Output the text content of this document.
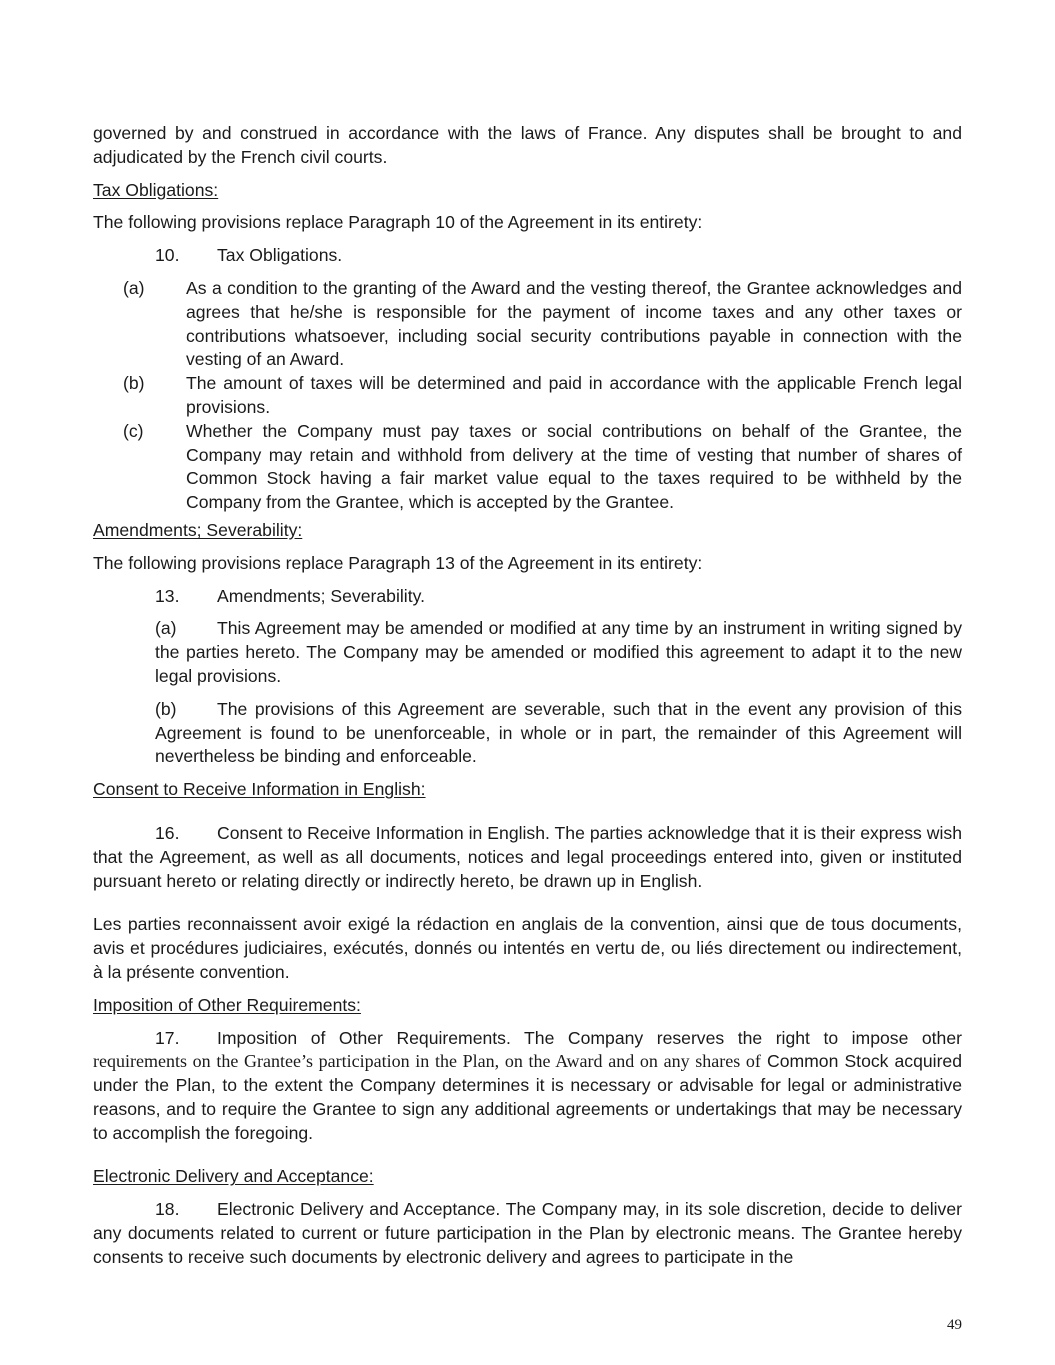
governed by and construed in accordance with the laws of France. Any disputes shall be brought to and adjudicated by the French civil courts.

Tax Obligations:

The following provisions replace Paragraph 10 of the Agreement in its entirety:

10. Tax Obligations.

(a) As a condition to the granting of the Award and the vesting thereof, the Grantee acknowledges and agrees that he/she is responsible for the payment of income taxes and any other taxes or contributions whatsoever, including social security contributions payable in connection with the vesting of an Award.

(b) The amount of taxes will be determined and paid in accordance with the applicable French legal provisions.

(c) Whether the Company must pay taxes or social contributions on behalf of the Grantee, the Company may retain and withhold from delivery at the time of vesting that number of shares of Common Stock having a fair market value equal to the taxes required to be withheld by the Company from the Grantee, which is accepted by the Grantee.

Amendments; Severability:

The following provisions replace Paragraph 13 of the Agreement in its entirety:

13. Amendments; Severability.

(a) This Agreement may be amended or modified at any time by an instrument in writing signed by the parties hereto. The Company may be amended or modified this agreement to adapt it to the new legal provisions.

(b) The provisions of this Agreement are severable, such that in the event any provision of this Agreement is found to be unenforceable, in whole or in part, the remainder of this Agreement will nevertheless be binding and enforceable.

Consent to Receive Information in English:

16. Consent to Receive Information in English. The parties acknowledge that it is their express wish that the Agreement, as well as all documents, notices and legal proceedings entered into, given or instituted pursuant hereto or relating directly or indirectly hereto, be drawn up in English.

Les parties reconnaissent avoir exigé la rédaction en anglais de la convention, ainsi que de tous documents, avis et procédures judiciaires, exécutés, donnés ou intentés en vertu de, ou liés directement ou indirectement, à la présente convention.

Imposition of Other Requirements:

17. Imposition of Other Requirements. The Company reserves the right to impose other requirements on the Grantee’s participation in the Plan, on the Award and on any shares of Common Stock acquired under the Plan, to the extent the Company determines it is necessary or advisable for legal or administrative reasons, and to require the Grantee to sign any additional agreements or undertakings that may be necessary to accomplish the foregoing.

Electronic Delivery and Acceptance:

18. Electronic Delivery and Acceptance. The Company may, in its sole discretion, decide to deliver any documents related to current or future participation in the Plan by electronic means. The Grantee hereby consents to receive such documents by electronic delivery and agrees to participate in the

49
